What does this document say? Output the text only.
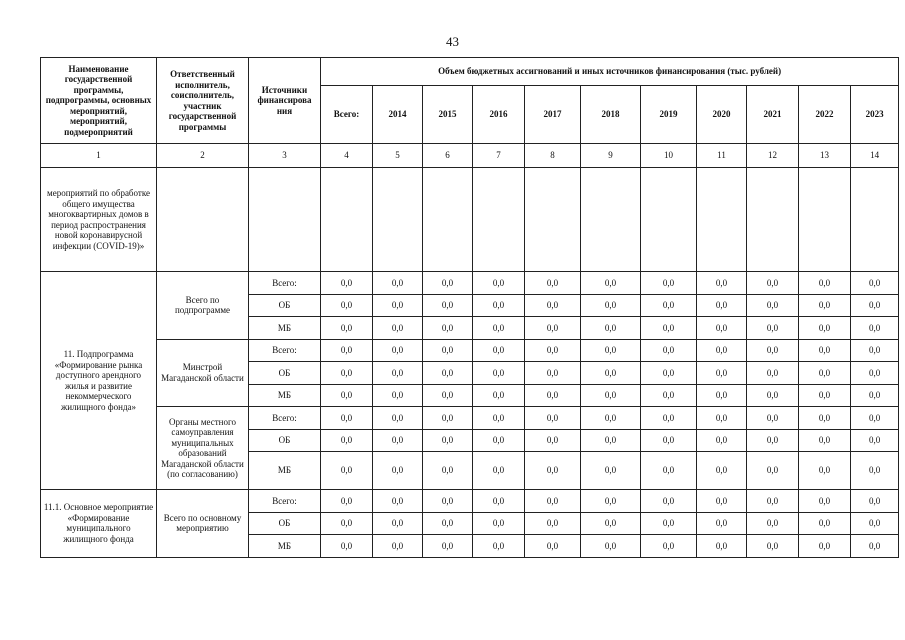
43
Наименование государственной программы, подпрограммы, основных мероприятий, мероприятий, подмероприятий	Ответственный исполнитель, соисполнитель, участник государственной программы	Источники финансирова ния	Объем бюджетных ассигнований и иных источников финансирования (тыс. рублей)										
			Всего:	2014	2015	2016	2017	2018	2019	2020	2021	2022	2023
1	2	3	4	5	6	7	8	9	10	11	12	13	14
мероприятий по обработке общего имущества многоквартирных домов в период распространения новой коронавирусной инфекции (COVID-19)»													
11. Подпрограмма «Формирование рынка доступного арендного жилья и развитие некоммерческого жилищного фонда»	Всего по подпрограмме	Всего:	0,0	0,0	0,0	0,0	0,0	0,0	0,0	0,0	0,0	0,0	0,0
		ОБ	0,0	0,0	0,0	0,0	0,0	0,0	0,0	0,0	0,0	0,0	0,0
		МБ	0,0	0,0	0,0	0,0	0,0	0,0	0,0	0,0	0,0	0,0	0,0
	Минстрой Магаданской области	Всего:	0,0	0,0	0,0	0,0	0,0	0,0	0,0	0,0	0,0	0,0	0,0
		ОБ	0,0	0,0	0,0	0,0	0,0	0,0	0,0	0,0	0,0	0,0	0,0
		МБ	0,0	0,0	0,0	0,0	0,0	0,0	0,0	0,0	0,0	0,0	0,0
	Органы местного самоуправления муниципальных образований Магаданской области (по согласованию)	Всего:	0,0	0,0	0,0	0,0	0,0	0,0	0,0	0,0	0,0	0,0	0,0
		ОБ	0,0	0,0	0,0	0,0	0,0	0,0	0,0	0,0	0,0	0,0	0,0
		МБ	0,0	0,0	0,0	0,0	0,0	0,0	0,0	0,0	0,0	0,0	0,0
11.1. Основное мероприятие «Формирование муниципального жилищного фонда	Всего по основному мероприятию	Всего:	0,0	0,0	0,0	0,0	0,0	0,0	0,0	0,0	0,0	0,0	0,0
		ОБ	0,0	0,0	0,0	0,0	0,0	0,0	0,0	0,0	0,0	0,0	0,0
		МБ	0,0	0,0	0,0	0,0	0,0	0,0	0,0	0,0	0,0	0,0	0,0
